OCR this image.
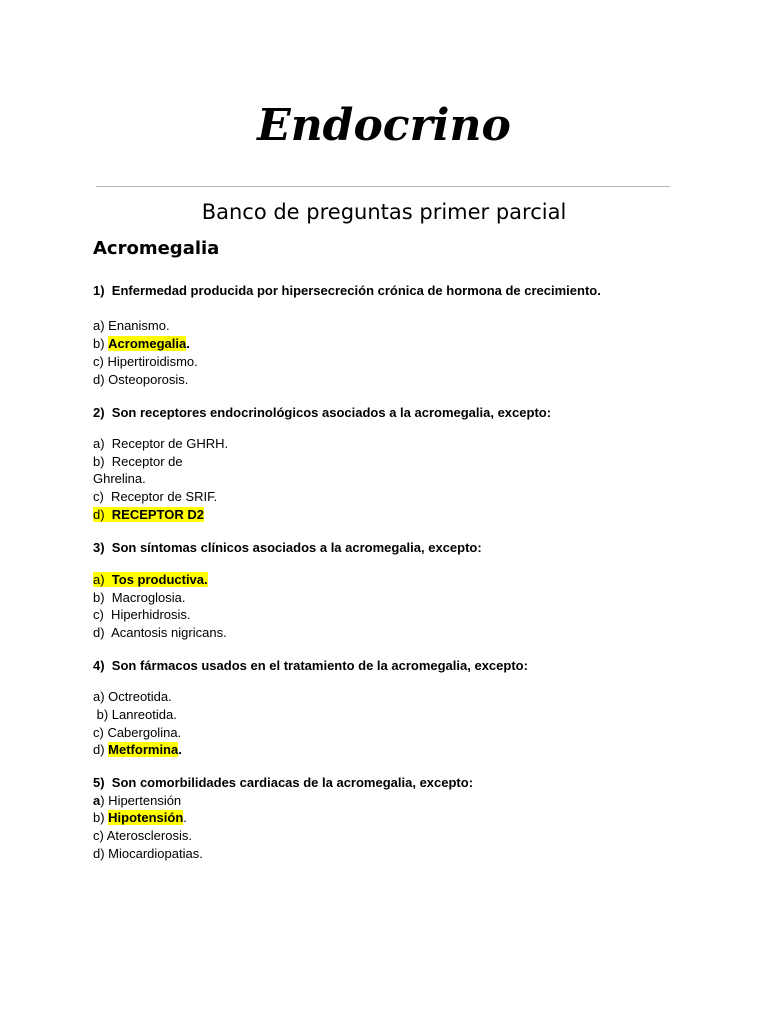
Endocrino
Banco de preguntas primer parcial
Acromegalia
1)  Enfermedad producida por hipersecreción crónica de hormona de crecimiento.
a) Enanismo.
b) Acromegalia.
c) Hipertiroidismo.
d) Osteoporosis.
2)  Son receptores endocrinológicos asociados a la acromegalia, excepto:
a)  Receptor de GHRH.
b)  Receptor de
Ghrelina.
c)  Receptor de SRIF.
d)  RECEPTOR D2
3)  Son síntomas clínicos asociados a la acromegalia, excepto:
a)  Tos productiva.
b)  Macroglosia.
c)  Hiperhidrosis.
d)  Acantosis nigricans.
4)  Son fármacos usados en el tratamiento de la acromegalia, excepto:
a) Octreotida.
b) Lanreotida.
c) Cabergolina.
d) Metformina.
5)  Son comorbilidades cardiacas de la acromegalia, excepto:
a) Hipertensión
b) Hipotensión.
c) Aterosclerosis.
d) Miocardiopatias.
